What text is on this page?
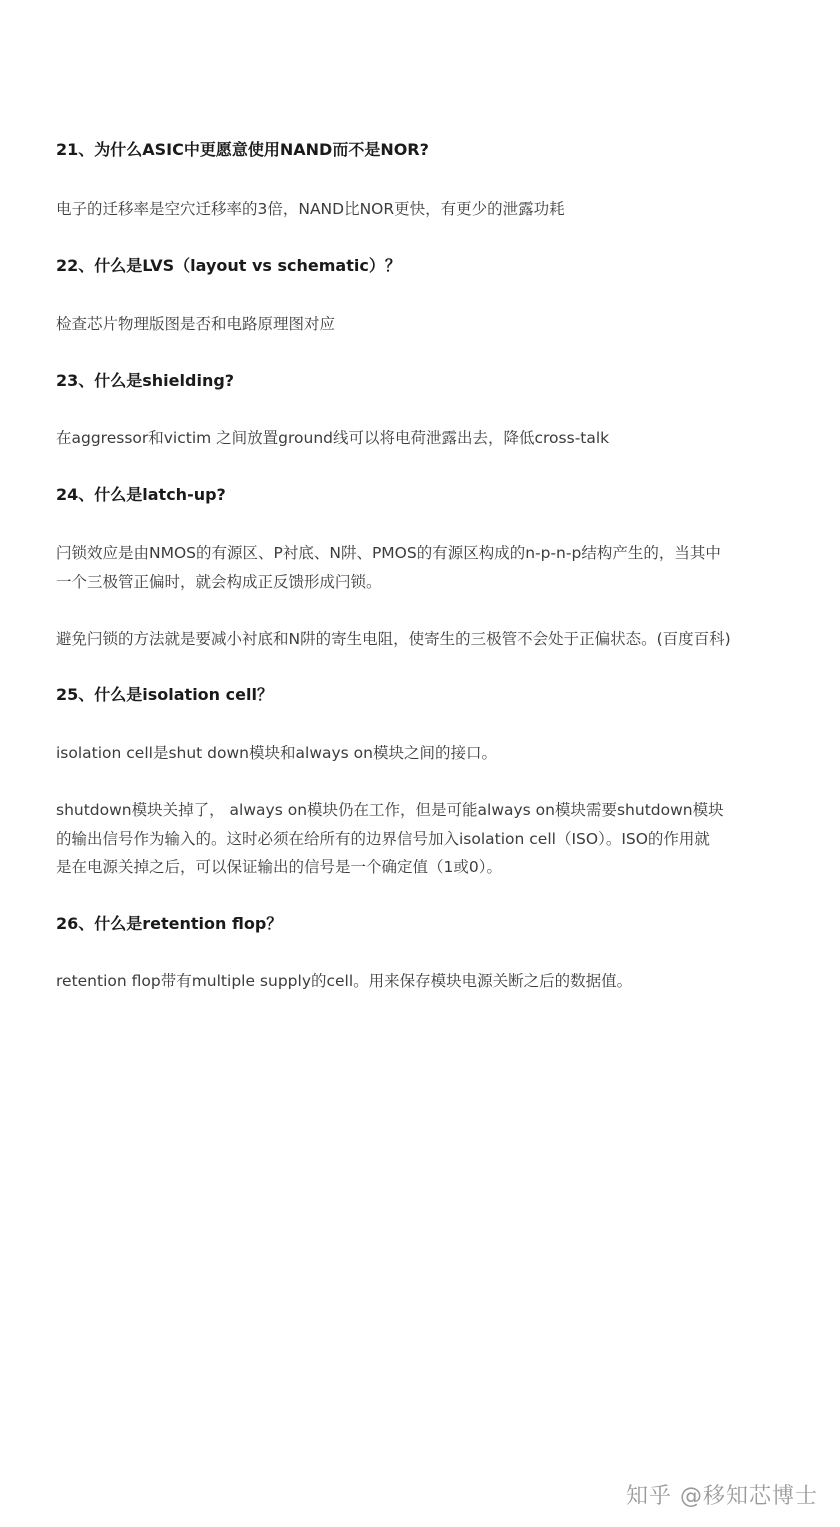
21、为什么ASIC中更愿意使用NAND而不是NOR?
电子的迁移率是空穴迁移率的3倍，NAND比NOR更快，有更少的泄露功耗
22、什么是LVS（layout vs schematic）？
检查芯片物理版图是否和电路原理图对应
23、什么是shielding?
在aggressor和victim 之间放置ground线可以将电荷泄露出去，降低cross-talk
24、什么是latch-up?
闩锁效应是由NMOS的有源区、P衬底、N阱、PMOS的有源区构成的n-p-n-p结构产生的，当其中
一个三极管正偏时，就会构成正反馈形成闩锁。
避免闩锁的方法就是要减小衬底和N阱的寄生电阻，使寄生的三极管不会处于正偏状态。(百度百科)
25、什么是isolation cell？
isolation cell是shut down模块和always on模块之间的接口。
shutdown模块关掉了， always on模块仍在工作，但是可能always on模块需要shutdown模块
的输出信号作为输入的。这时必须在给所有的边界信号加入isolation cell（ISO）。ISO的作用就
是在电源关掉之后，可以保证输出的信号是一个确定值（1或0）。
26、什么是retention flop？
retention flop带有multiple supply的cell。用来保存模块电源关断之后的数据值。
知乎 @移知芯博士
